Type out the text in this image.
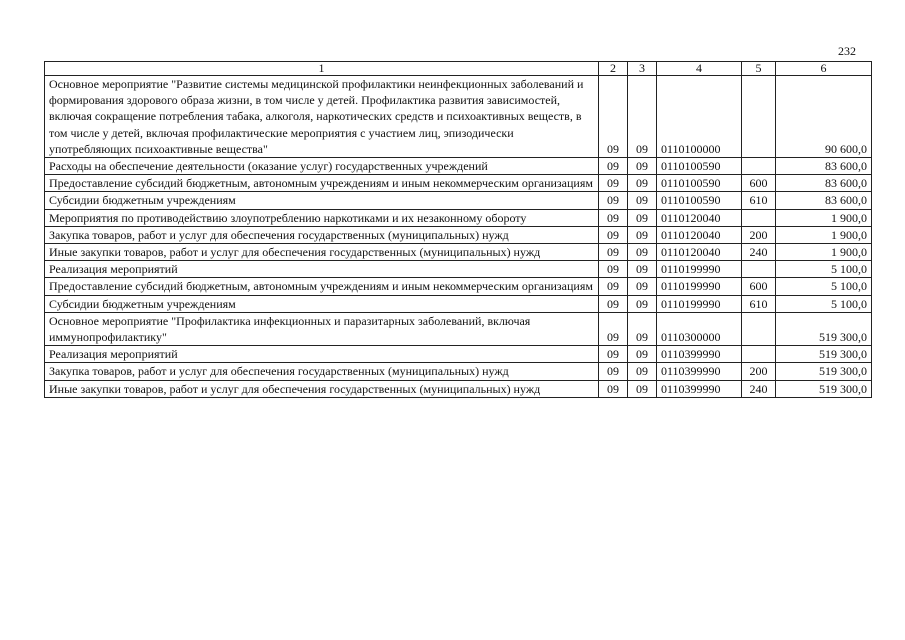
232
1	2	3	4	5	6
Основное мероприятие "Развитие системы медицинской профилактики неинфекционных заболеваний и формирования здорового образа жизни, в том числе у детей. Профилактика развития зависимостей, включая сокращение потребления табака, алкоголя, наркотических средств и психоактивных веществ, в том числе у детей, включая профилактические мероприятия с участием лиц, эпизодически употребляющих психоактивные вещества"	09	09	0110100000		90 600,0
Расходы на обеспечение деятельности (оказание услуг) государственных учреждений	09	09	0110100590		83 600,0
Предоставление субсидий бюджетным, автономным учреждениям и иным некоммерческим организациям	09	09	0110100590	600	83 600,0
Субсидии бюджетным учреждениям	09	09	0110100590	610	83 600,0
Мероприятия по противодействию злоупотреблению наркотиками и их незаконному обороту	09	09	0110120040		1 900,0
Закупка товаров, работ и услуг для обеспечения государственных (муниципальных) нужд	09	09	0110120040	200	1 900,0
Иные закупки товаров, работ и услуг для обеспечения государственных (муниципальных) нужд	09	09	0110120040	240	1 900,0
Реализация мероприятий	09	09	0110199990		5 100,0
Предоставление субсидий бюджетным, автономным учреждениям и иным некоммерческим организациям	09	09	0110199990	600	5 100,0
Субсидии бюджетным учреждениям	09	09	0110199990	610	5 100,0
Основное мероприятие "Профилактика инфекционных и паразитарных заболеваний, включая иммунопрофилактику"	09	09	0110300000		519 300,0
Реализация мероприятий	09	09	0110399990		519 300,0
Закупка товаров, работ и услуг для обеспечения государственных (муниципальных) нужд	09	09	0110399990	200	519 300,0
Иные закупки товаров, работ и услуг для обеспечения государственных (муниципальных) нужд	09	09	0110399990	240	519 300,0
